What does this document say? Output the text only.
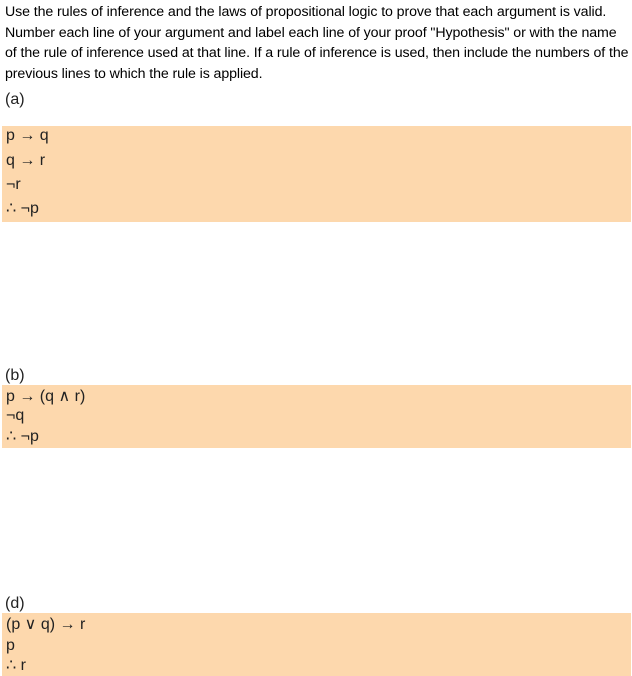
Use the rules of inference and the laws of propositional logic to prove that each argument is valid. Number each line of your argument and label each line of your proof "Hypothesis" or with the name of the rule of inference used at that line. If a rule of inference is used, then include the numbers of the previous lines to which the rule is applied.
(a)
p → q
q → r
¬r
∴ ¬p
(b)
p → (q ∧ r)
¬q
∴ ¬p
(d)
(p ∨ q) → r
p
∴ r
